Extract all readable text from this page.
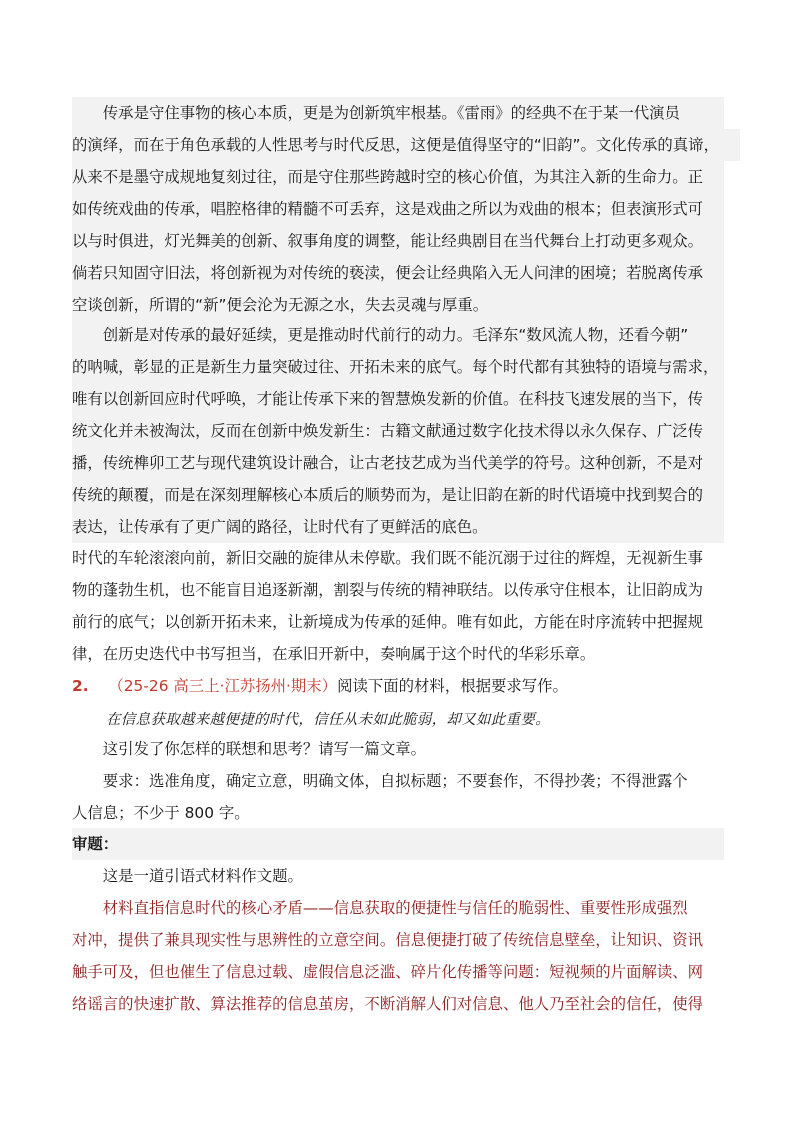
　　传承是守住事物的核心本质，更是为创新筑牢根基。《雷雨》的经典不在于某一代演员
的演绎，而在于角色承载的人性思考与时代反思，这便是值得坚守的“旧韵”。文化传承的真谛，
从来不是墨守成规地复刻过往，而是守住那些跨越时空的核心价值，为其注入新的生命力。正
如传统戏曲的传承，唱腔格律的精髓不可丢弃，这是戏曲之所以为戏曲的根本；但表演形式可
以与时俱进，灯光舞美的创新、叙事角度的调整，能让经典剧目在当代舞台上打动更多观众。
倘若只知固守旧法，将创新视为对传统的亵渎，便会让经典陷入无人问津的困境；若脱离传承
空谈创新，所谓的“新”便会沦为无源之水，失去灵魂与厚重。
　　创新是对传承的最好延续，更是推动时代前行的动力。毛泽东“数风流人物，还看今朝”
的呐喊，彰显的正是新生力量突破过往、开拓未来的底气。每个时代都有其独特的语境与需求，
唯有以创新回应时代呼唤，才能让传承下来的智慧焕发新的价值。在科技飞速发展的当下，传
统文化并未被淘汰，反而在创新中焕发新生：古籍文献通过数字化技术得以永久保存、广泛传
播，传统榫卯工艺与现代建筑设计融合，让古老技艺成为当代美学的符号。这种创新，不是对
传统的颠覆，而是在深刻理解核心本质后的顺势而为，是让旧韵在新的时代语境中找到契合的
表达，让传承有了更广阔的路径，让时代有了更鲜活的底色。
时代的车轮滚滚向前，新旧交融的旋律从未停歇。我们既不能沉溺于过往的辉煌，无视新生事
物的蓬勃生机，也不能盲目追逐新潮，割裂与传统的精神联结。以传承守住根本，让旧韵成为
前行的底气；以创新开拓未来，让新境成为传承的延伸。唯有如此，方能在时序流转中把握规
律，在历史迭代中书写担当，在承旧开新中，奏响属于这个时代的华彩乐章。
2. （25-26 高三上·江苏扬州·期末）阅读下面的材料，根据要求写作。
在信息获取越来越便捷的时代，信任从未如此脆弱，却又如此重要。
　　这引发了你怎样的联想和思考？请写一篇文章。
　　要求：选准角度，确定立意，明确文体，自拟标题；不要套作，不得抄袭；不得泄露个
人信息；不少于 800 字。
审题：
　　这是一道引语式材料作文题。
　　材料直指信息时代的核心矛盾——信息获取的便捷性与信任的脆弱性、重要性形成强烈
对冲，提供了兼具现实性与思辨性的立意空间。信息便捷打破了传统信息壁垒，让知识、资讯
触手可及，但也催生了信息过载、虚假信息泛滥、碎片化传播等问题：短视频的片面解读、网
络谣言的快速扩散、算法推荐的信息茧房，不断消解人们对信息、他人乃至社会的信任，使得
